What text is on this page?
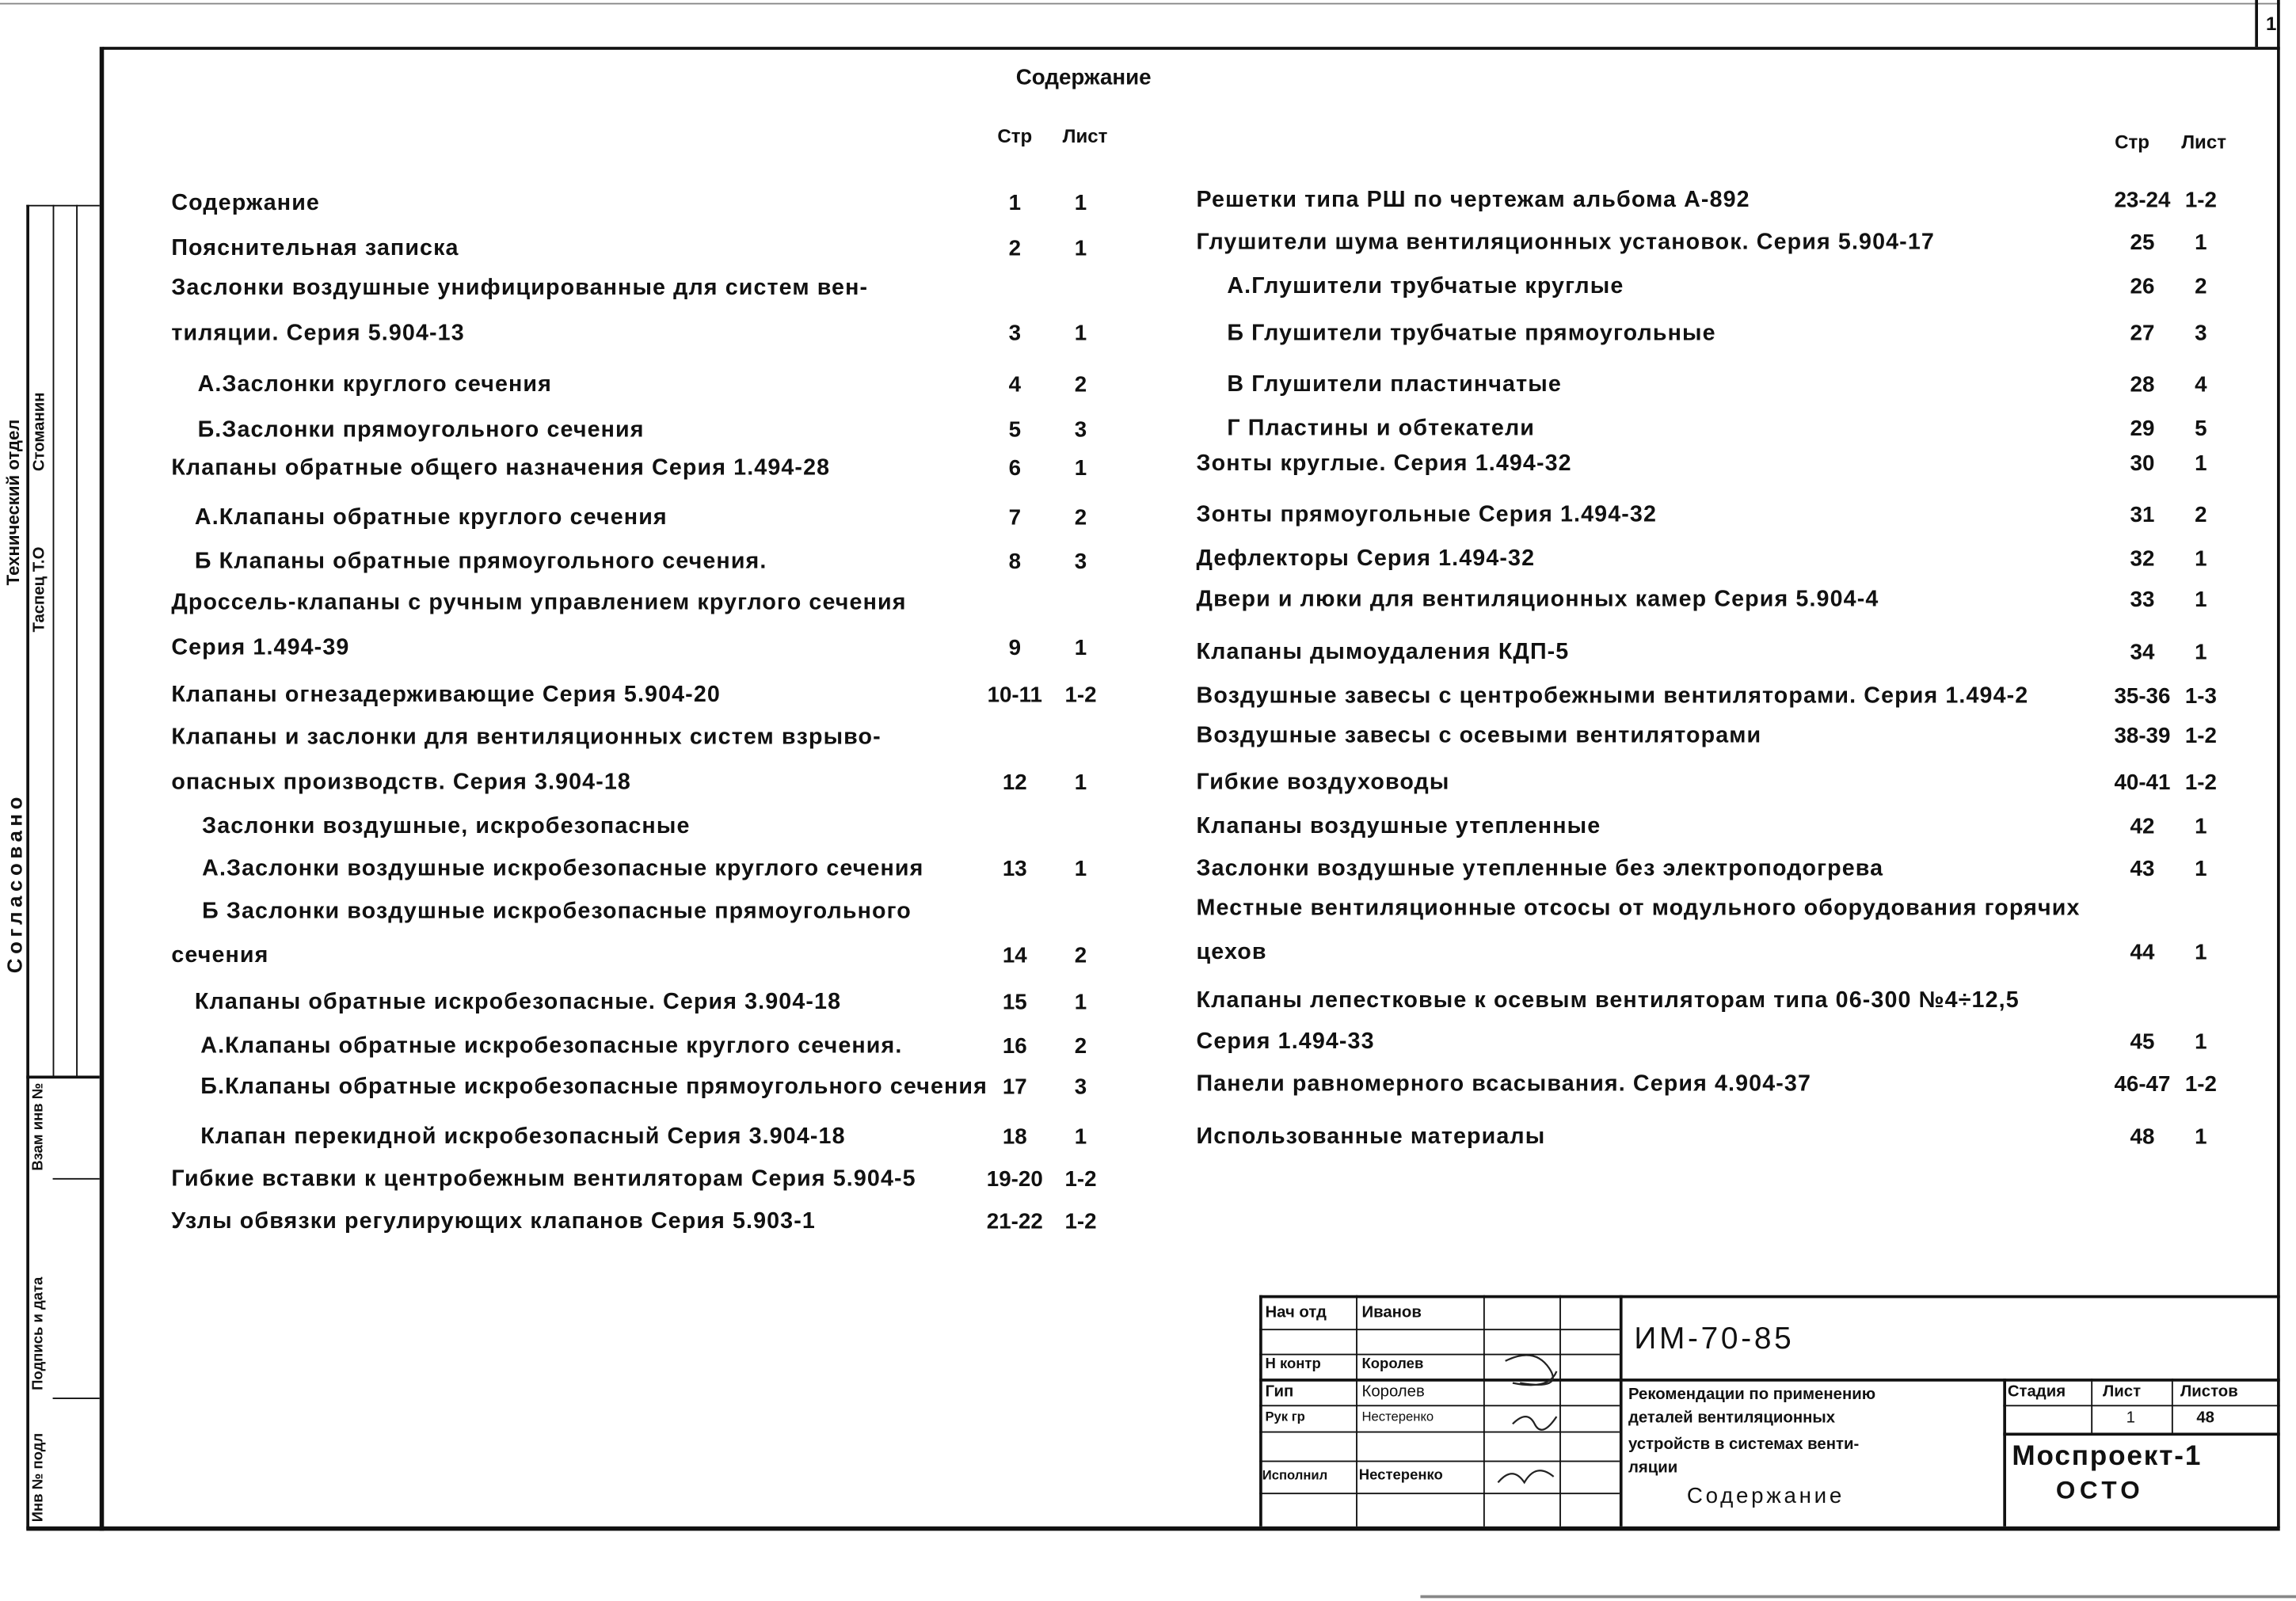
1
Содержание
Стр	Лист	Стр	Лист
Содержание	1	1
Пояснительная записка	2	1
Заслонки воздушные унифицированные для систем вен-
тиляции. Серия 5.904-13	3	1
А.Заслонки круглого сечения	4	2
Б.Заслонки прямоугольного сечения	5	3
Клапаны обратные общего назначения Серия 1.494-28	6	1
А.Клапаны обратные круглого сечения	7	2
Б Клапаны обратные прямоугольного сечения.	8	3
Дроссель-клапаны с ручным управлением круглого сечения
Серия 1.494-39	9	1
Клапаны огнезадерживающие Серия 5.904-20	10-11 1-2
Клапаны и заслонки для вентиляционных систем взрыво-
опасных производств. Серия 3.904-18	12	1
Заслонки воздушные, искробезопасные
А.Заслонки воздушные искробезопасные круглого сечения	13	1
Б Заслонки воздушные искробезопасные прямоугольного
сечения	14	2
Клапаны обратные искробезопасные. Серия 3.904-18	15	1
А.Клапаны обратные искробезопасные круглого сечения.	16	2
Б.Клапаны обратные искробезопасные прямоугольного сечения 17	3
Клапан перекидной искробезопасный Серия 3.904-18	18	1
Гибкие вставки к центробежным вентиляторам Серия 5.904-5	19-20 1-2
Узлы обвязки регулирующих клапанов Серия 5.903-1	21-22 1-2
Решетки типа РШ по чертежам альбома А-892	23-24 1-2
Глушители шума вентиляционных установок. Серия 5.904-17	25	1
А.Глушители трубчатые круглые	26	2
Б Глушители трубчатые прямоугольные	27	3
В Глушители пластинчатые	28	4
Г Пластины и обтекатели	29	5
Зонты круглые. Серия 1.494-32	30	1
Зонты прямоугольные Серия 1.494-32	31	2
Дефлекторы Серия 1.494-32	32	1
Двери и люки для вентиляционных камер Серия 5.904-4	33	1
Клапаны дымоудаления КДП-5	34	1
Воздушные завесы с центробежными вентиляторами. Серия 1.494-2	35-36 1-3
Воздушные завесы с осевыми вентиляторами	38-39 1-2
Гибкие воздуховоды	40-41 1-2
Клапаны воздушные утепленные	42	1
Заслонки воздушные утепленные без электроподогрева	43	1
Местные вентиляционные отсосы от модульного оборудования горячих
цехов	44	1
Клапаны лепестковые к осевым вентиляторам типа 06-300 №4÷12,5
Серия 1.494-33	45	1
Панели равномерного всасывания. Серия 4.904-37	46-47 1-2
Использованные материалы	48	1
Согласовано
Технический отдел Стоманин
Таспец Т.О
Инв № подл
Подпись и дата
Взам инв №
Нач отд	Иванов
Н контр	Королев
Гип	Королев
Рук гр	Нестеренко
Исполнил	Нестеренко
ИМ-70-85
Рекомендации по применению
деталей вентиляционных
устройств в системах венти-
ляции
Содержание
Стадия	Лист	Листов
1	48
Моспроект-1
ОСТО
